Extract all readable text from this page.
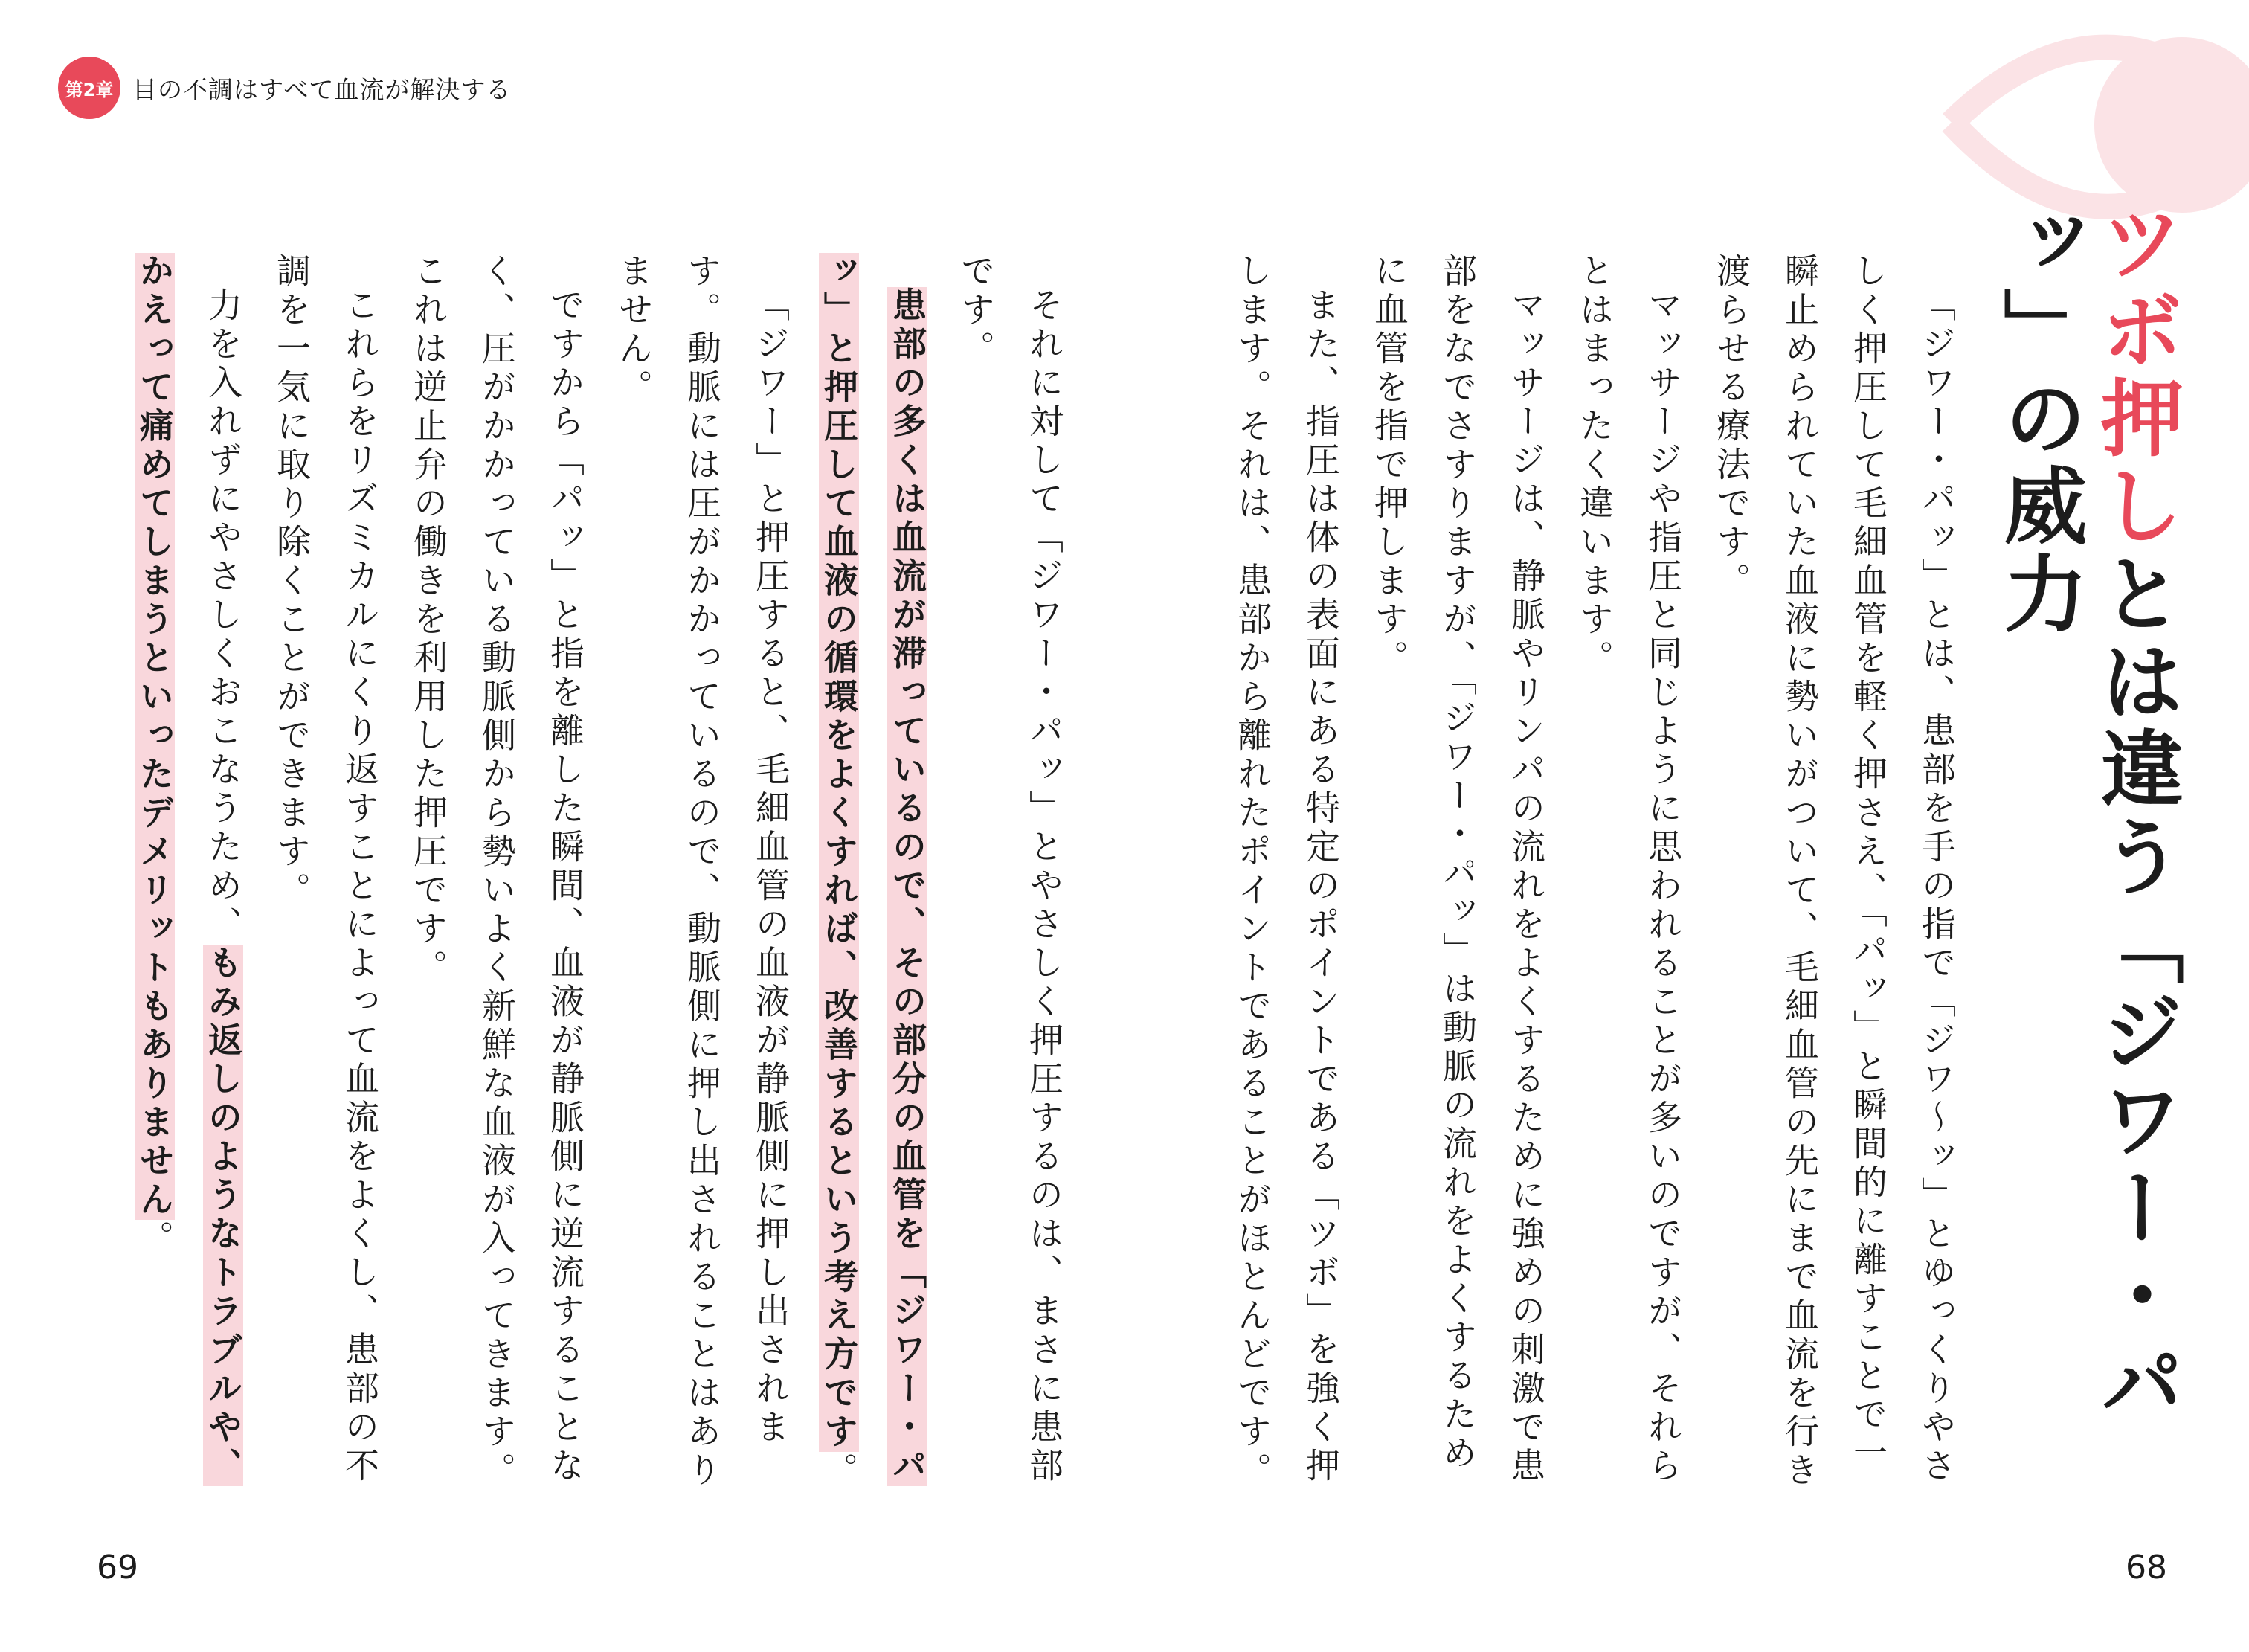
第2章 目の不調はすべて血流が解決する
ツボ押しとは違う「ジワー・パッ」の威力
「ジワー・パッ」とは、患部を手の指で「ジワ〜ッ」とゆっくりやさしく押圧して毛細血管を軽く押さえ、「パッ」と瞬間的に離すことで一瞬止められていた血液に勢いがついて、毛細血管の先にまで血流を行き渡らせる療法です。
マッサージや指圧と同じように思われることが多いのですが、それらとはまったく違います。
マッサージは、静脈やリンパの流れをよくするために強めの刺激で患部をなでさすりますが、「ジワー・パッ」は動脈の流れをよくするために血管を指で押します。
また、指圧は体の表面にある特定のポイントである「ツボ」を強く押します。それは、患部から離れたポイントであることがほとんどです。
それに対して「ジワー・パッ」とやさしく押圧するのは、まさに患部です。
患部の多くは血流が滞っているので、その部分の血管を「ジワー・パッ」と押圧して血液の循環をよくすれば、改善するという考え方です。
「ジワー」と押圧すると、毛細血管の血液が静脈側に押し出されます。動脈には圧がかかっているので、動脈側に押し出されることはありません。
ですから「パッ」と指を離した瞬間、血液が静脈側に逆流することなく、圧がかかっている動脈側から勢いよく新鮮な血液が入ってきます。これは逆止弁の働きを利用した押圧です。
これらをリズミカルにくり返すことによって血流をよくし、患部の不調を一気に取り除くことができます。
力を入れずにやさしくおこなうため、もみ返しのようなトラブルや、かえって痛めてしまうといったデメリットもありません。
69	68
